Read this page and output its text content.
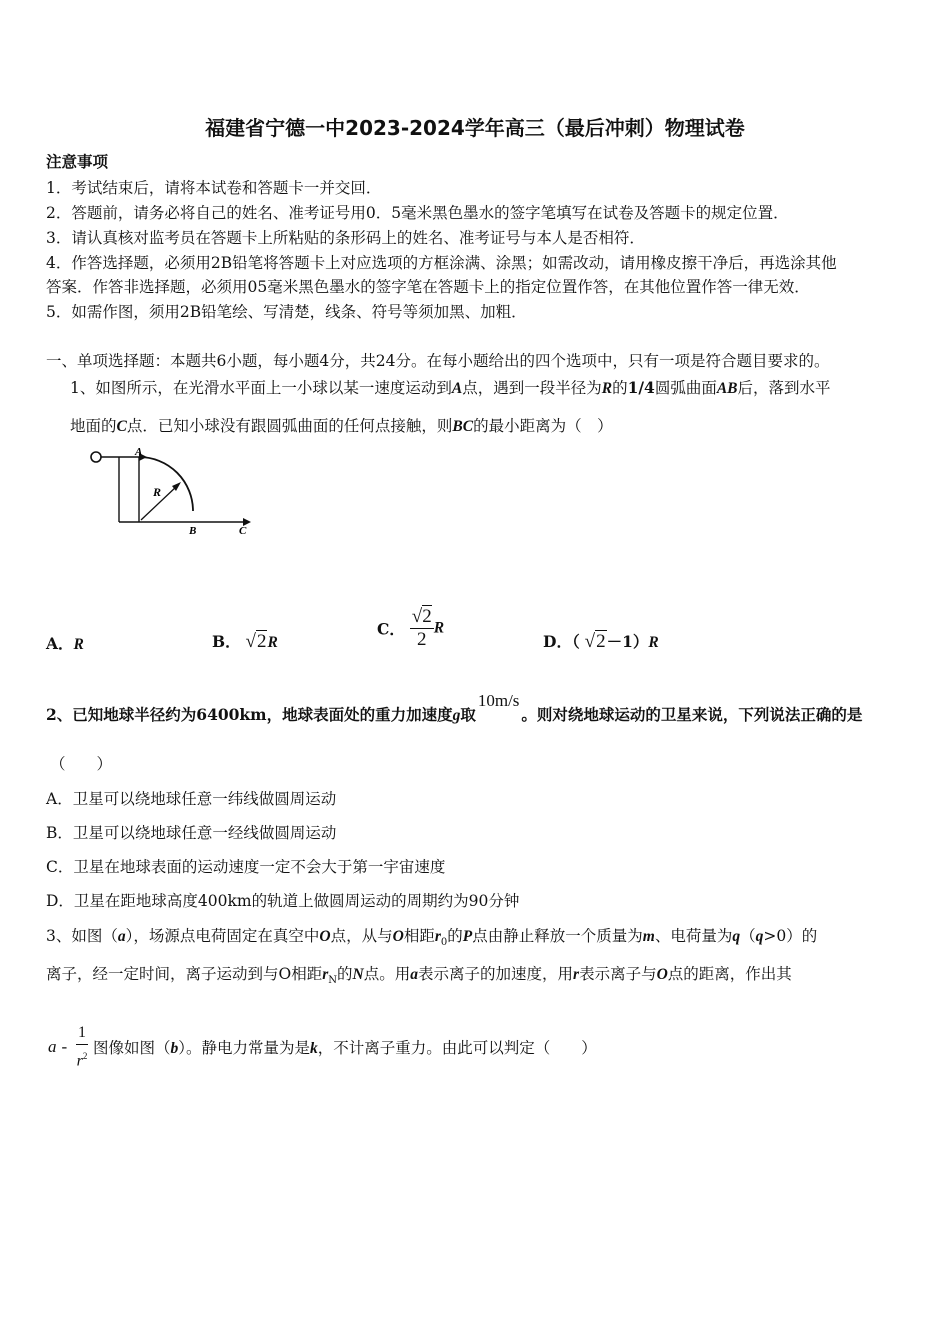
福建省宁德一中2023-2024学年高三（最后冲刺）物理试卷
注意事项
1．考试结束后，请将本试卷和答题卡一并交回．
2．答题前，请务必将自己的姓名、准考证号用0．5毫米黑色墨水的签字笔填写在试卷及答题卡的规定位置．
3．请认真核对监考员在答题卡上所粘贴的条形码上的姓名、准考证号与本人是否相符．
4．作答选择题，必须用2B铅笔将答题卡上对应选项的方框涂满、涂黑；如需改动，请用橡皮擦干净后，再选涂其他
答案．作答非选择题，必须用05毫米黑色墨水的签字笔在答题卡上的指定位置作答，在其他位置作答一律无效．
5．如需作图，须用2B铅笔绘、写清楚，线条、符号等须加黑、加粗．
一、单项选择题：本题共6小题，每小题4分，共24分。在每小题给出的四个选项中，只有一项是符合题目要求的。
1、如图所示，在光滑水平面上一小球以某一速度运动到A点，遇到一段半径为R的1/4圆弧曲面AB后，落到水平
地面的C点．已知小球没有跟圆弧曲面的任何点接触，则BC的最小距离为（　）
A
R
B	C
A．R	B． √2R
C． $\frac{√2}{2}$ R
D．（ √2－1）R
2、已知地球半径约为6400km，地球表面处的重力加速度g取10m/s。则对绕地球运动的卫星来说，下列说法正确的是
（　　）
A．卫星可以绕地球任意一纬线做圆周运动
B．卫星可以绕地球任意一经线做圆周运动
C．卫星在地球表面的运动速度一定不会大于第一宇宙速度
D．卫星在距地球高度400km的轨道上做圆周运动的周期约为90分钟
3、如图（a），场源点电荷固定在真空中O点，从与O相距$r_0$的P点由静止释放一个质量为m、电荷量为q（q>0）的
离子，经一定时间，离子运动到与O相距$r_N$的N点。用a表示离子的加速度，用r表示离子与O点的距离，作出其
a - $\frac{1}{r^2}$ 图像如图（b）。静电力常量为是k，不计离子重力。由此可以判定（　　）
